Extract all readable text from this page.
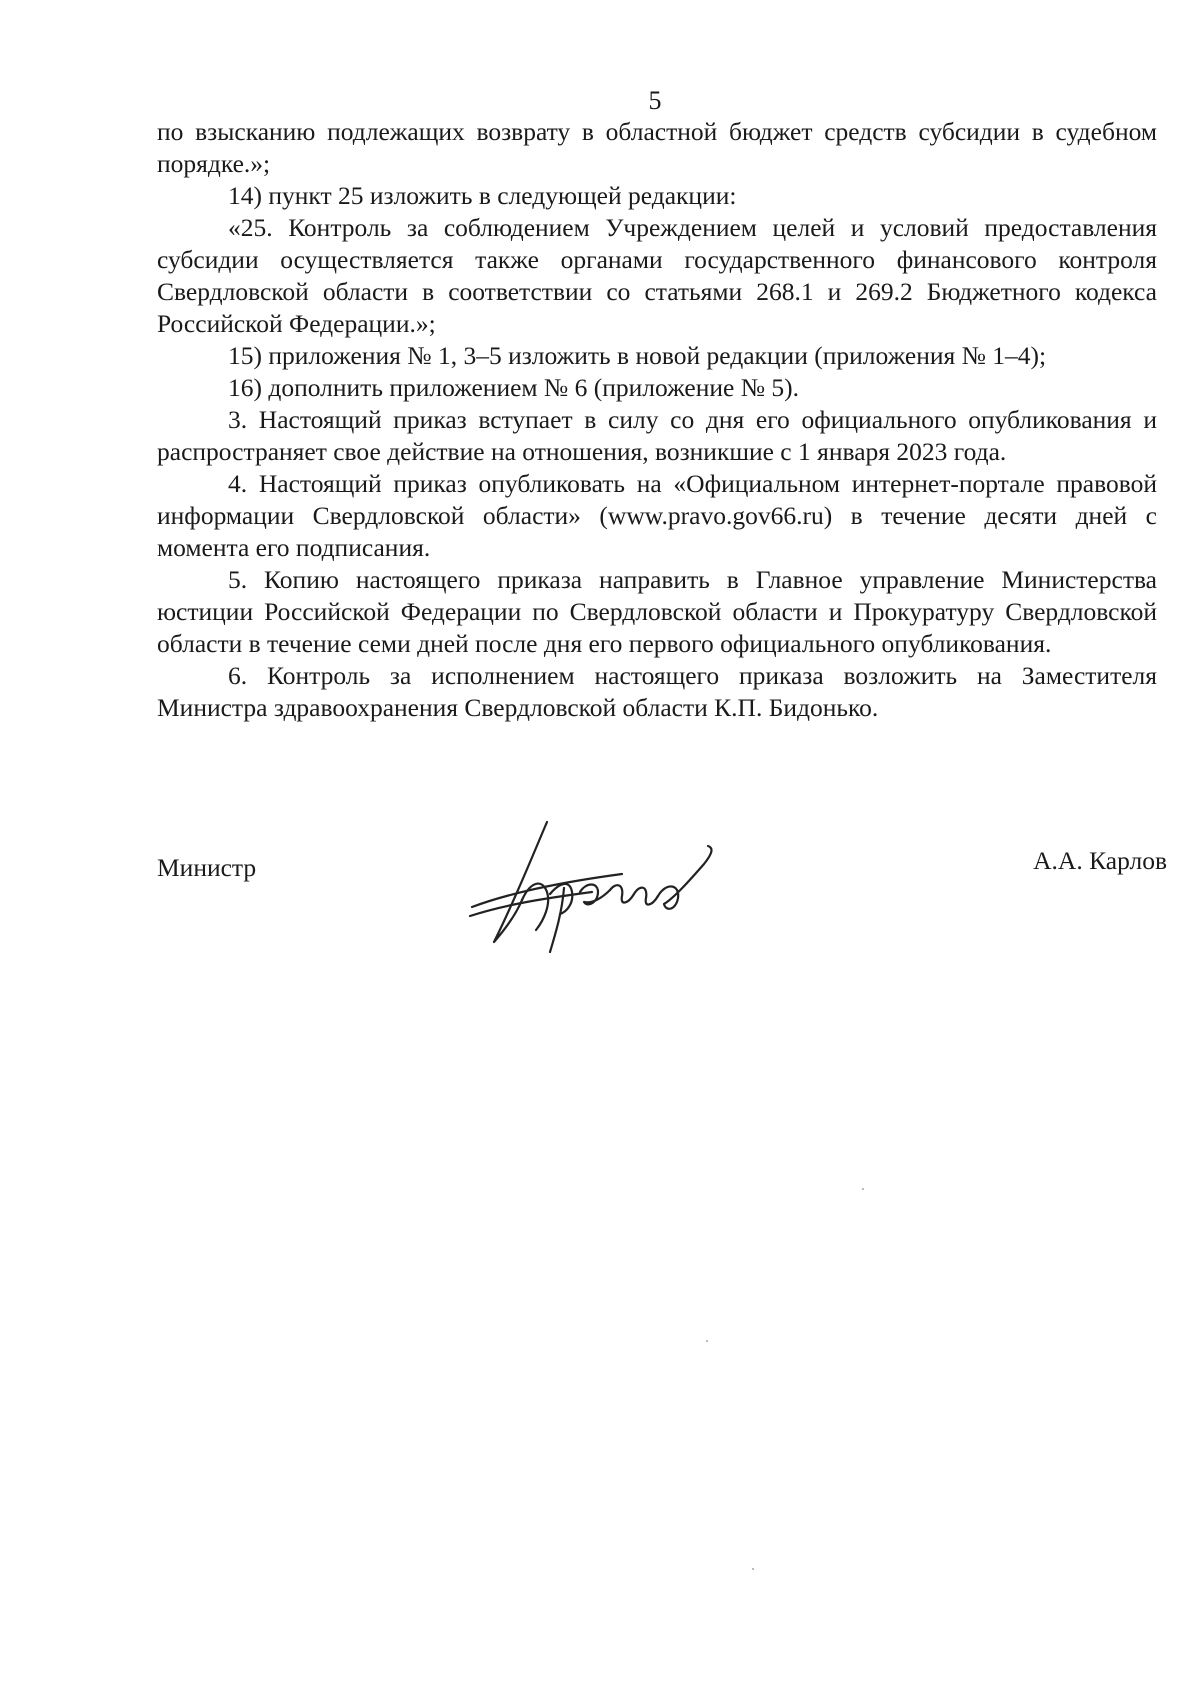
5

по взысканию подлежащих возврату в областной бюджет средств субсидии в судебном порядке.»;

14) пункт 25 изложить в следующей редакции:

«25. Контроль за соблюдением Учреждением целей и условий предоставления субсидии осуществляется также органами государственного финансового контроля Свердловской области в соответствии со статьями 268.1 и 269.2 Бюджетного кодекса Российской Федерации.»;

15) приложения № 1, 3–5 изложить в новой редакции (приложения № 1–4);

16) дополнить приложением № 6 (приложение № 5).

3. Настоящий приказ вступает в силу со дня его официального опубликования и распространяет свое действие на отношения, возникшие с 1 января 2023 года.

4. Настоящий приказ опубликовать на «Официальном интернет-портале правовой информации Свердловской области» (www.pravo.gov66.ru) в течение десяти дней с момента его подписания.

5. Копию настоящего приказа направить в Главное управление Министерства юстиции Российской Федерации по Свердловской области и Прокуратуру Свердловской области в течение семи дней после дня его первого официального опубликования.

6. Контроль за исполнением настоящего приказа возложить на Заместителя Министра здравоохранения Свердловской области К.П. Бидонько.

Министр	А.А. Карлов
